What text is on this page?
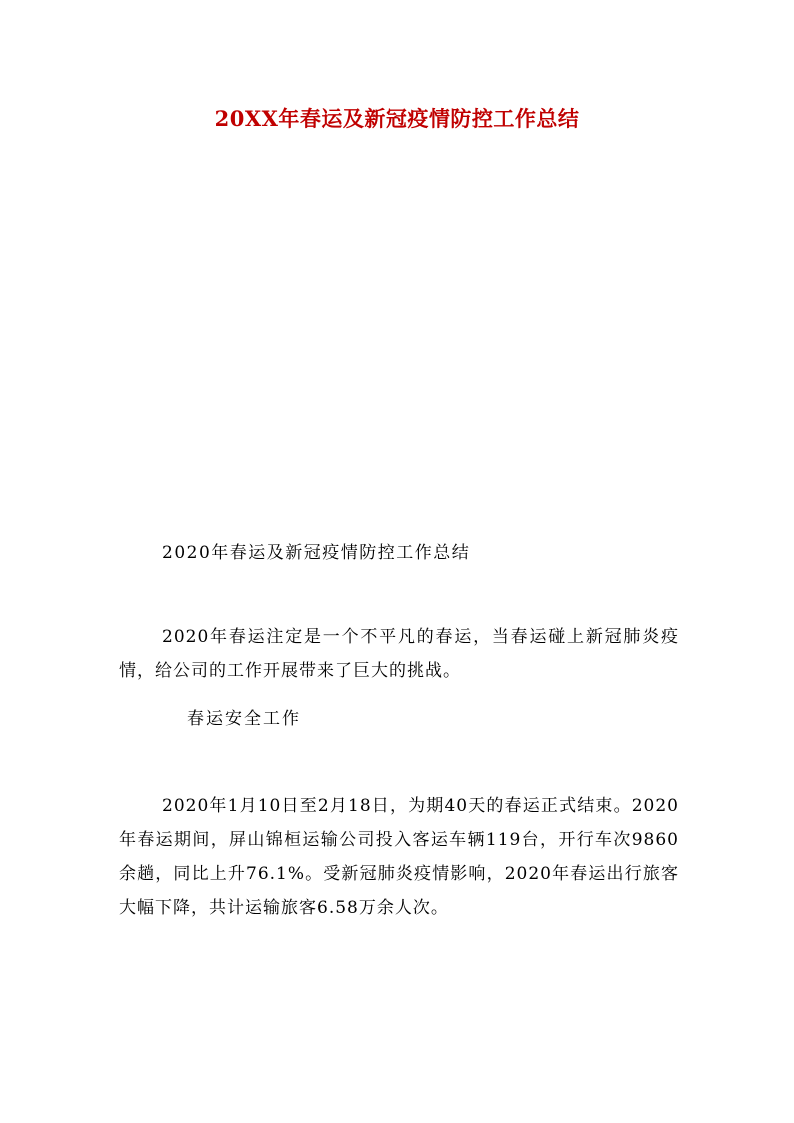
20XX年春运及新冠疫情防控工作总结

2020年春运及新冠疫情防控工作总结

2020年春运注定是一个不平凡的春运，当春运碰上新冠肺炎疫情，给公司的工作开展带来了巨大的挑战。

春运安全工作

2020年1月10日至2月18日，为期40天的春运正式结束。2020年春运期间，屏山锦桓运输公司投入客运车辆119台，开行车次9860余趟，同比上升76.1%。受新冠肺炎疫情影响，2020年春运出行旅客大幅下降，共计运输旅客6.58万余人次。
